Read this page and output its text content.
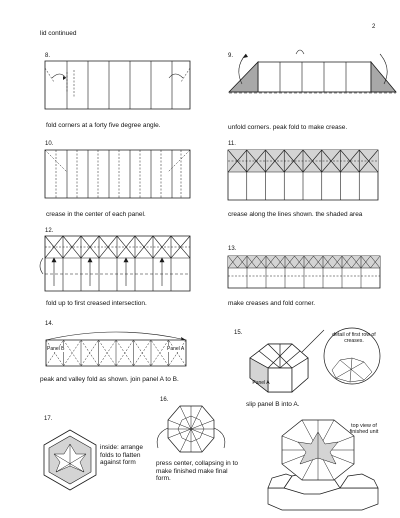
2
lid continued
8.
fold corners at a forty five degree angle.
9.
unfold corners. peak fold to make crease.
10.
crease in the center of each panel.
11.
crease along the lines shown. the shaded area
12.
fold up to first creased intersection.
13.
make creases and fold corner.
14.
Panel B	Panel A
peak and valley fold as shown. join panel A to B.
15.	detail of first row of creases.
Panel A
slip panel B into A.
16.
press center, collapsing in to make finished make final form.
17.
inside: arrange folds to flatten against form
top view of finished unit
